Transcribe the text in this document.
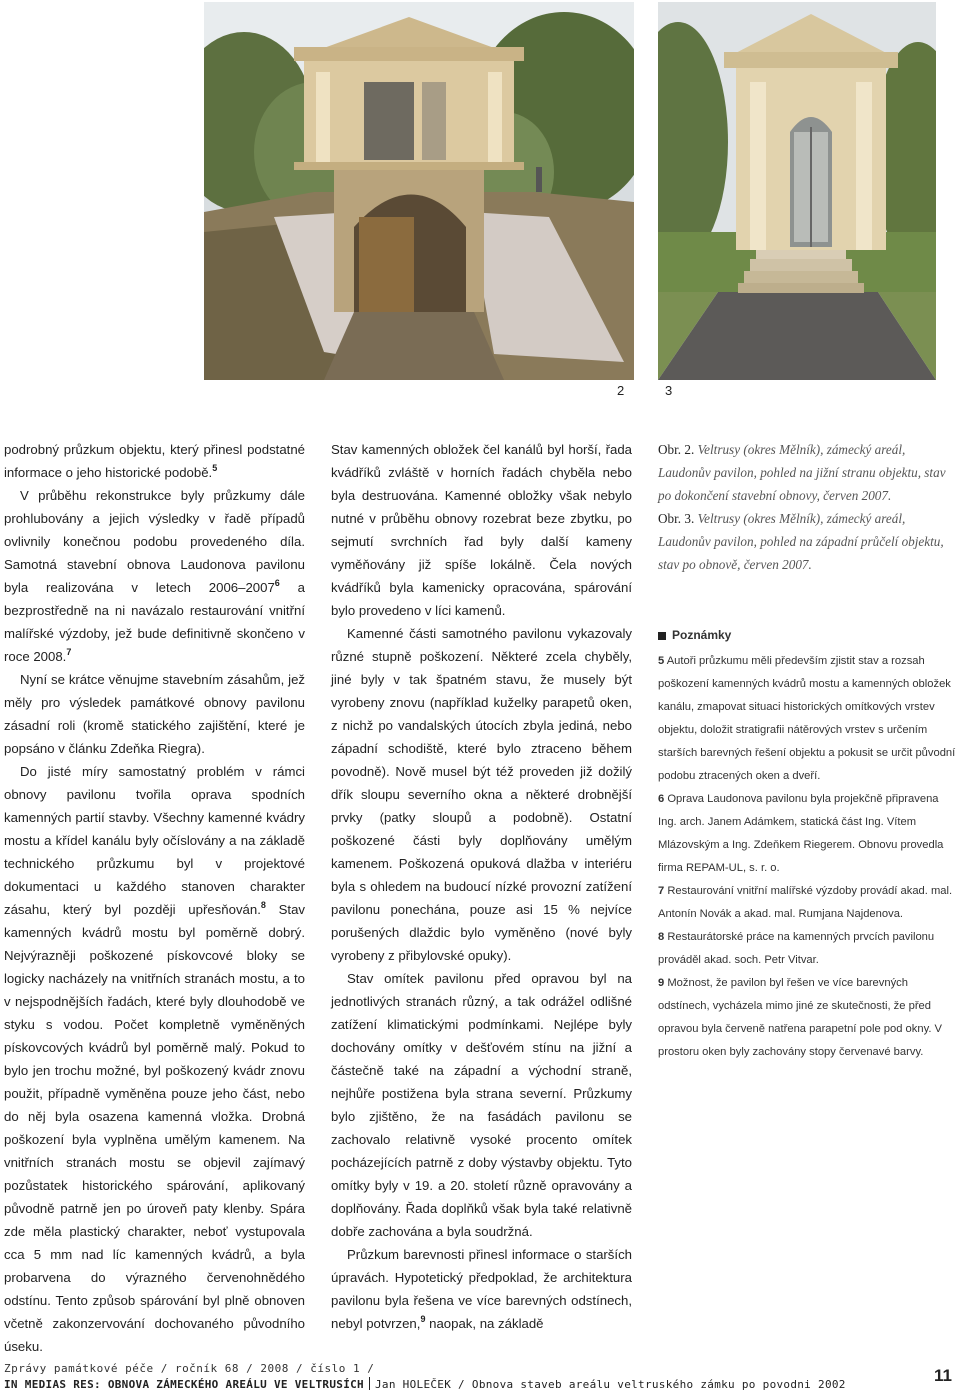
2	3

podrobný průzkum objektu, který přinesl podstatné informace o jeho historické podobě.$^5$

V průběhu rekonstrukce byly průzkumy dále prohlubovány a jejich výsledky v řadě případů ovlivnily konečnou podobu provedeného díla. Samotná stavební obnova Laudonova pavilonu byla realizována v letech 2006–2007$^6$ a bezprostředně na ni navázalo restaurování vnitřní malířské výzdoby, jež bude definitivně skončeno v roce 2008.$^7$

Nyní se krátce věnujme stavebním zásahům, jež měly pro výsledek památkové obnovy pavilonu zásadní roli (kromě statického zajištění, které je popsáno v článku Zdeňka Riegra).

Do jisté míry samostatný problém v rámci obnovy pavilonu tvořila oprava spodních kamenných partií stavby. Všechny kamenné kvádry mostu a křídel kanálu byly očíslovány a na základě technického průzkumu byl v projektové dokumentaci u každého stanoven charakter zásahu, který byl později upřesňován.$^8$ Stav kamenných kvádrů mostu byl poměrně dobrý. Nejvýrazněji poškozené pískovcové bloky se logicky nacházely na vnitřních stranách mostu, a to v nejspodnějších řadách, které byly dlouhodobě ve styku s vodou. Počet kompletně vyměněných pískovcových kvádrů byl poměrně malý. Pokud to bylo jen trochu možné, byl poškozený kvádr znovu použit, případně vyměněna pouze jeho část, nebo do něj byla osazena kamenná vložka. Drobná poškození byla vyplněna umělým kamenem. Na vnitřních stranách mostu se objevil zajímavý pozůstatek historického spárování, aplikovaný původně patrně jen po úroveň paty klenby. Spára zde měla plastický charakter, neboť vystupovala cca 5 mm nad líc kamenných kvádrů, a byla probarvena do výrazného červenohnědého odstínu. Tento způsob spárování byl plně obnoven včetně zakonzervování dochovaného původního úseku.

Stav kamenných obložek čel kanálů byl horší, řada kvádříků zvláště v horních řadách chyběla nebo byla destruována. Kamenné obložky však nebylo nutné v průběhu obnovy rozebrat beze zbytku, po sejmutí svrchních řad byly další kameny vyměňovány již spíše lokálně. Čela nových kvádříků byla kamenicky opracována, spárování bylo provedeno v líci kamenů.

Kamenné části samotného pavilonu vykazovaly různé stupně poškození. Některé zcela chyběly, jiné byly v tak špatném stavu, že musely být vyrobeny znovu (například kuželky parapetů oken, z nichž po vandalských útocích zbyla jediná, nebo západní schodiště, které bylo ztraceno během povodně). Nově musel být též proveden již dožilý dřík sloupu severního okna a některé drobnější prvky (patky sloupů a podobně). Ostatní poškozené části byly doplňovány umělým kamenem. Poškozená opuková dlažba v interiéru byla s ohledem na budoucí nízké provozní zatížení pavilonu ponechána, pouze asi 15 % nejvíce porušených dlaždic bylo vyměněno (nové byly vyrobeny z přibylovské opuky).

Stav omítek pavilonu před opravou byl na jednotlivých stranách různý, a tak odrážel odlišné zatížení klimatickými podmínkami. Nejlépe byly dochovány omítky v dešťovém stínu na jižní a částečně také na západní a východní straně, nejhůře postižena byla strana severní. Průzkumy bylo zjištěno, že na fasádách pavilonu se zachovalo relativně vysoké procento omítek pocházejících patrně z doby výstavby objektu. Tyto omítky byly v 19. a 20. století různě opravovány a doplňovány. Řada doplňků však byla také relativně dobře zachována a byla soudržná.

Průzkum barevnosti přinesl informace o starších úpravách. Hypotetický předpoklad, že architektura pavilonu byla řešena ve více barevných odstínech, nebyl potvrzen,$^9$ naopak, na základě

Obr. 2. Veltrusy (okres Mělník), zámecký areál, Laudonův pavilon, pohled na jižní stranu objektu, stav po dokončení stavební obnovy, červen 2007.

Obr. 3. Veltrusy (okres Mělník), zámecký areál, Laudonův pavilon, pohled na západní průčelí objektu, stav po obnově, červen 2007.

Poznámky

5 Autoři průzkumu měli především zjistit stav a rozsah poškození kamenných kvádrů mostu a kamenných obložek kanálu, zmapovat situaci historických omítkových vrstev objektu, doložit stratigrafii nátěrových vrstev s určením starších barevných řešení objektu a pokusit se určit původní podobu ztracených oken a dveří.

6 Oprava Laudonova pavilonu byla projekčně připravena Ing. arch. Janem Adámkem, statická část Ing. Vítem Mlázovským a Ing. Zdeňkem Riegerem. Obnovu provedla firma REPAM-UL, s. r. o.

7 Restaurování vnitřní malířské výzdoby provádí akad. mal. Antonín Novák a akad. mal. Rumjana Najdenova.

8 Restaurátorské práce na kamenných prvcích pavilonu prováděl akad. soch. Petr Vitvar.

9 Možnost, že pavilon byl řešen ve více barevných odstínech, vycházela mimo jiné ze skutečnosti, že před opravou byla červeně natřena parapetní pole pod okny. V prostoru oken byly zachovány stopy červenavé barvy.

Zprávy památkové péče / ročník 68 / 2008 / číslo 1 /
IN MEDIAS RES: OBNOVA ZÁMECKÉHO AREÁLU VE VELTRUSÍCH Jan HOLEČEK / Obnova staveb areálu veltruského zámku po povodni 2002	11
